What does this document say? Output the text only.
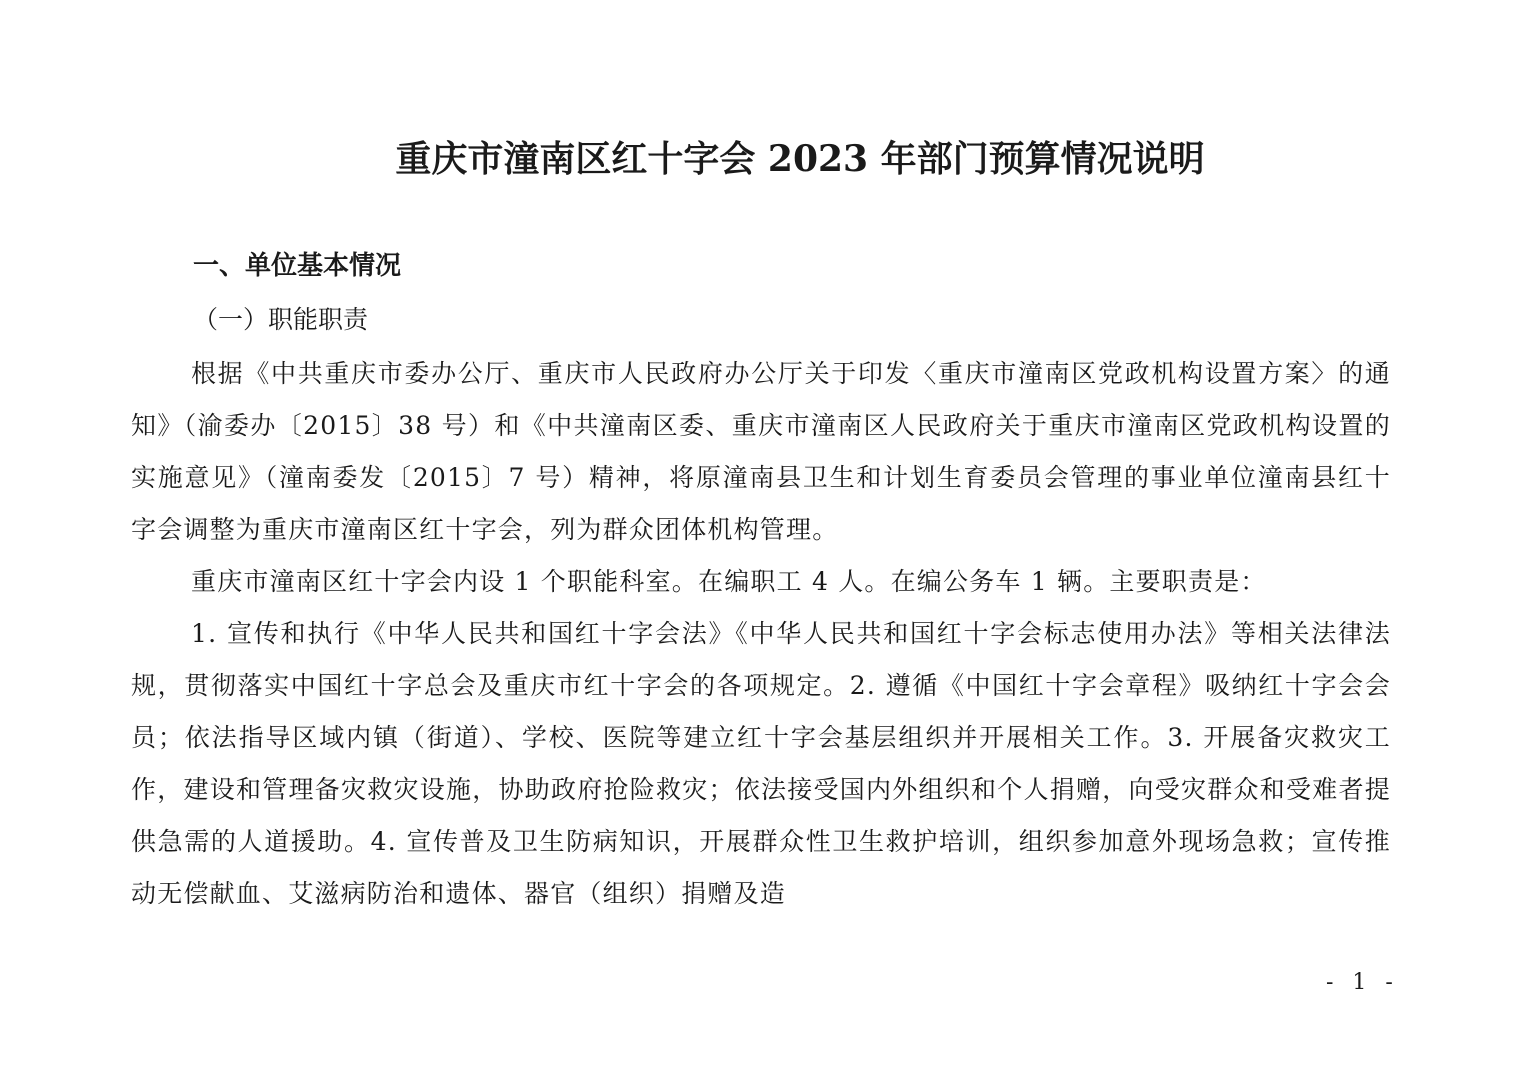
重庆市潼南区红十字会 2023 年部门预算情况说明
一、单位基本情况
（一）职能职责
根据《中共重庆市委办公厅、重庆市人民政府办公厅关于印发〈重庆市潼南区党政机构设置方案〉的通知》（渝委办〔2015〕38 号）和《中共潼南区委、重庆市潼南区人民政府关于重庆市潼南区党政机构设置的实施意见》（潼南委发〔2015〕7 号）精神，将原潼南县卫生和计划生育委员会管理的事业单位潼南县红十字会调整为重庆市潼南区红十字会，列为群众团体机构管理。
重庆市潼南区红十字会内设 1 个职能科室。在编职工 4 人。在编公务车 1 辆。主要职责是：
1. 宣传和执行《中华人民共和国红十字会法》《中华人民共和国红十字会标志使用办法》等相关法律法规，贯彻落实中国红十字总会及重庆市红十字会的各项规定。2. 遵循《中国红十字会章程》吸纳红十字会会员；依法指导区域内镇（街道）、学校、医院等建立红十字会基层组织并开展相关工作。3. 开展备灾救灾工作，建设和管理备灾救灾设施，协助政府抢险救灾；依法接受国内外组织和个人捐赠，向受灾群众和受难者提供急需的人道援助。4. 宣传普及卫生防病知识，开展群众性卫生救护培训，组织参加意外现场急救；宣传推动无偿献血、艾滋病防治和遗体、器官（组织）捐赠及造
- 1 -
